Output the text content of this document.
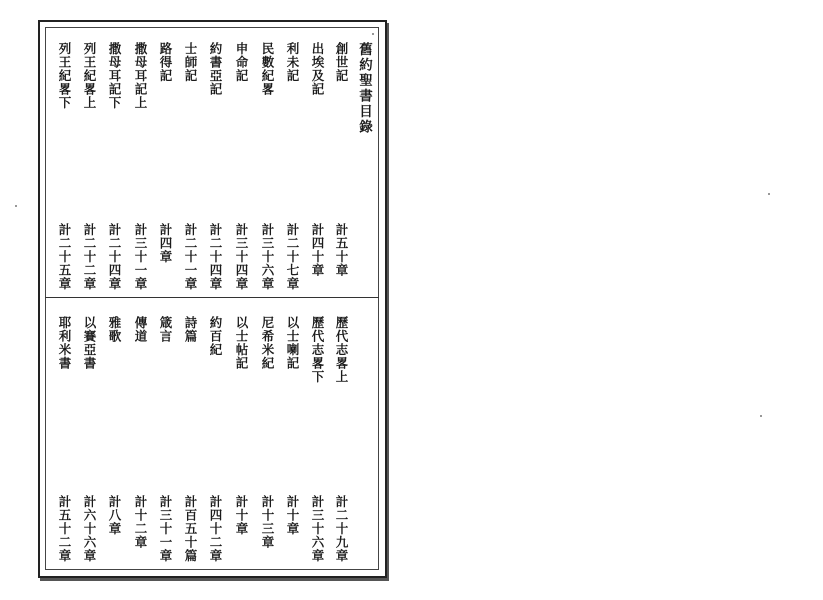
舊約聖書目錄
創世記
出埃及記
利未記
民數紀畧
申命記
約書亞記
士師記
路得記
撒母耳記上
撒母耳記下
列王紀畧上
列王紀畧下
計五十章
計四十章
計二十七章
計三十六章
計三十四章
計二十四章
計二十一章
計四章
計三十一章
計二十四章
計二十二章
計二十五章
歷代志畧上
歷代志畧下
以士喇記
尼希米紀
以士帖記
約百紀
詩篇
箴言
傳道
雅歌
以賽亞書
耶利米書
計二十九章
計三十六章
計十章
計十三章
計十章
計四十二章
計百五十篇
計三十一章
計十二章
計八章
計六十六章
計五十二章
